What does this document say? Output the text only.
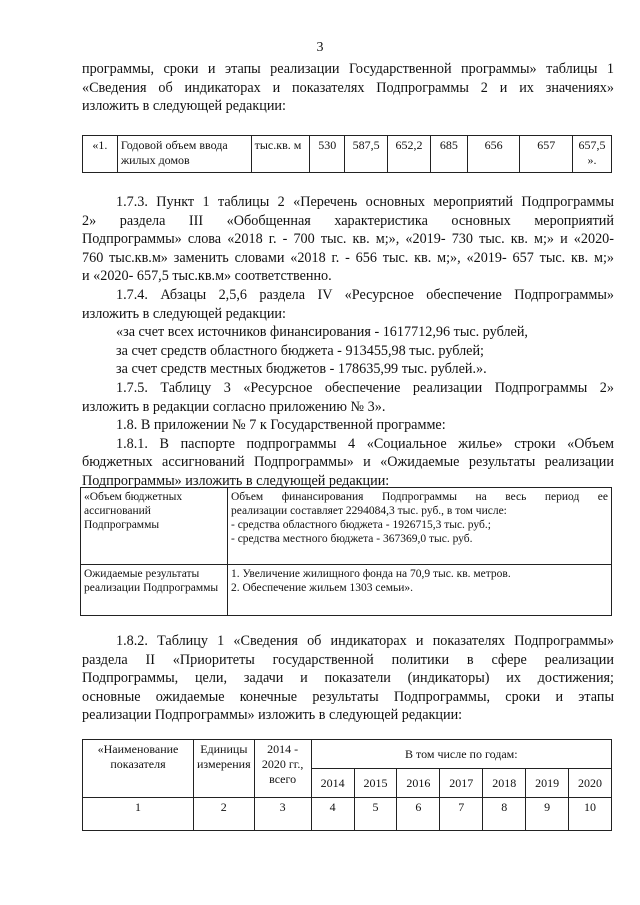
3
программы, сроки и этапы реализации Государственной программы» таблицы 1
«Сведения об индикаторах и показателях Подпрограммы 2 и их значениях»
изложить в следующей редакции:
«1.	Годовой объем ввода жилых домов	тыс.кв. м	530	587,5	652,2	685	656	657	657,5 ».
1.7.3. Пункт 1 таблицы 2 «Перечень основных мероприятий Подпрограммы
2» раздела III «Обобщенная характеристика основных мероприятий
Подпрограммы» слова «2018 г. - 700 тыс. кв. м;», «2019- 730 тыс. кв. м;» и «2020-
760 тыс.кв.м» заменить словами «2018 г. - 656 тыс. кв. м;», «2019- 657 тыс. кв. м;»
и «2020- 657,5 тыс.кв.м» соответственно.
1.7.4. Абзацы 2,5,6 раздела IV «Ресурсное обеспечение Подпрограммы»
изложить в следующей редакции:
«за счет всех источников финансирования - 1617712,96 тыс. рублей,
за счет средств областного бюджета - 913455,98 тыс. рублей;
за счет средств местных бюджетов - 178635,99 тыс. рублей.».
1.7.5. Таблицу 3 «Ресурсное обеспечение реализации Подпрограммы 2»
изложить в редакции согласно приложению № 3».
1.8. В приложении № 7 к Государственной программе:
1.8.1. В паспорте подпрограммы 4 «Социальное жилье» строки «Объем
бюджетных ассигнований Подпрограммы» и «Ожидаемые результаты реализации
Подпрограммы» изложить в следующей редакции:
«Объем бюджетных ассигнований Подпрограммы	Объем финансирования Подпрограммы на весь период ее
реализации составляет 2294084,3 тыс. руб., в том числе:
- средства областного бюджета - 1926715,3 тыс. руб.;
- средства местного бюджета - 367369,0 тыс. руб.

Ожидаемые результаты реализации Подпрограммы	1. Увеличение жилищного фонда на 70,9 тыс. кв. метров.
2. Обеспечение жильем 1303 семьи».
1.8.2. Таблицу 1 «Сведения об индикаторах и показателях Подпрограммы»
раздела II «Приоритеты государственной политики в сфере реализации
Подпрограммы, цели, задачи и показатели (индикаторы) их достижения;
основные ожидаемые конечные результаты Подпрограммы, сроки и этапы
реализации Подпрограммы» изложить в следующей редакции:
«Наименование показателя	Единицы измерения	2014 - 2020 гг., всего	В том числе по годам:						
			2014	2015	2016	2017	2018	2019	2020
1	2	3	4	5	6	7	8	9	10
